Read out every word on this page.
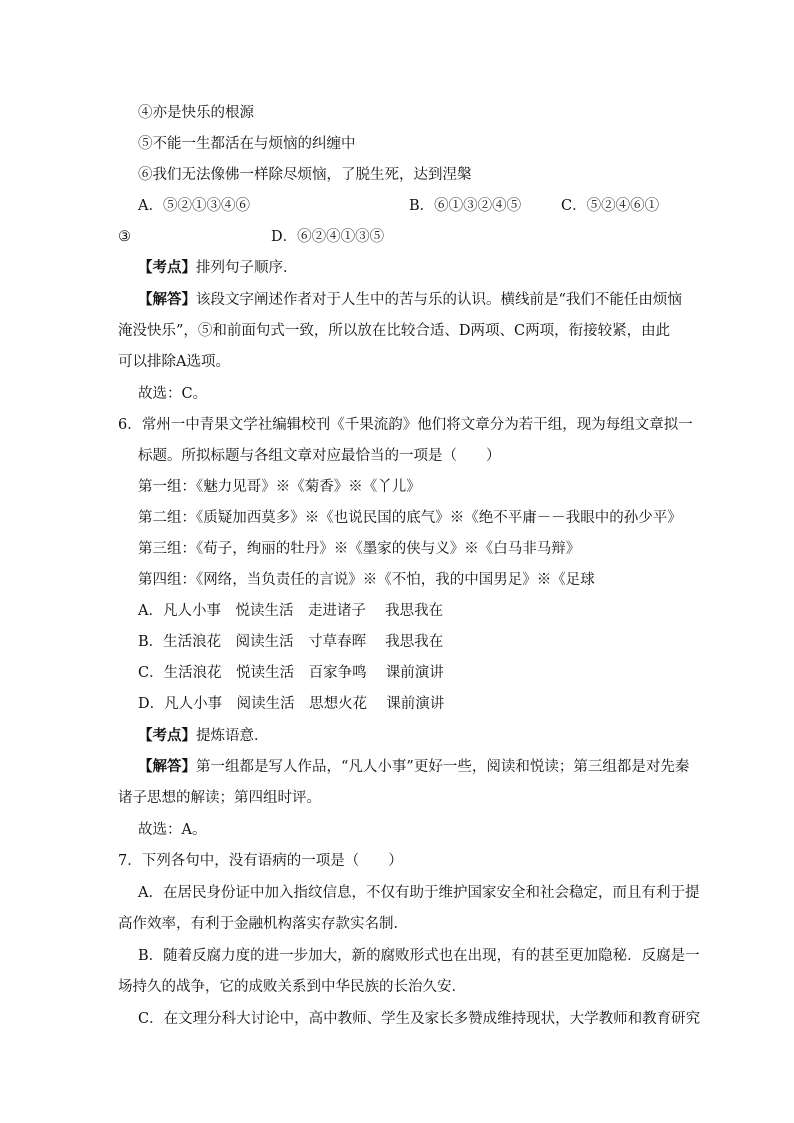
④亦是快乐的根源
⑤不能一生都活在与烦恼的纠缠中
⑥我们无法像佛一样除尽烦恼，了脱生死，达到涅槃
A．⑤②①③④⑥	B．⑥①③②④⑤	C．⑤②④⑥①
③	D．⑥②④①③⑤
【考点】排列句子顺序．
【解答】该段文字阐述作者对于人生中的苦与乐的认识。横线前是“我们不能任由烦恼
淹没快乐”，⑤和前面句式一致，所以放在比较合适、D两项、C两项，衔接较紧，由此
可以排除A选项。
故选：C。
6．常州一中青果文学社编辑校刊《千果流韵》他们将文章分为若干组，现为每组文章拟一
标题。所拟标题与各组文章对应最恰当的一项是（　　）
第一组：《魅力见哥》※《菊香》※《丫儿》
第二组：《质疑加西莫多》※《也说民国的底气》※《绝不平庸－－我眼中的孙少平》
第三组：《荀子，绚丽的牡丹》※《墨家的侠与义》※《白马非马辩》
第四组：《网络，当负责任的言说》※《不怕，我的中国男足》※《足球
A．凡人小事　悦读生活　走进诸子　 我思我在
B．生活浪花　阅读生活　寸草春晖　 我思我在
C．生活浪花　悦读生活　百家争鸣　 课前演讲
D．凡人小事　阅读生活　思想火花　 课前演讲
【考点】提炼语意．
【解答】第一组都是写人作品，“凡人小事”更好一些，阅读和悦读；第三组都是对先秦
诸子思想的解读；第四组时评。
故选：A。
7．下列各句中，没有语病的一项是（　　）
A．在居民身份证中加入指纹信息，不仅有助于维护国家安全和社会稳定，而且有利于提
高作效率，有利于金融机构落实存款实名制．
B．随着反腐力度的进一步加大，新的腐败形式也在出现，有的甚至更加隐秘．反腐是一
场持久的战争，它的成败关系到中华民族的长治久安．
C．在文理分科大讨论中，高中教师、学生及家长多赞成维持现状，大学教师和教育研究
